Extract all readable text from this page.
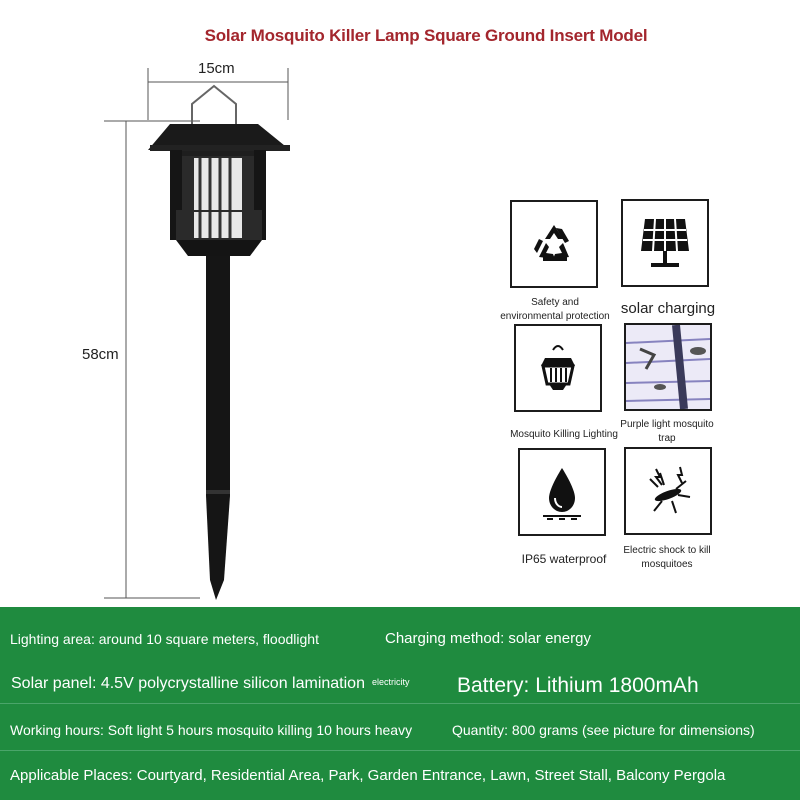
Solar Mosquito Killer Lamp Square Ground Insert Model
15cm
58cm
Safety and environmental protection solar charging
Mosquito Killing Lighting
Purple light mosquito trap
IP65 waterproof
Electric shock to kill mosquitoes
Lighting area: around 10 square meters, floodlight	Charging method: solar energy
Solar panel: 4.5V polycrystalline silicon lamination electricity Battery: Lithium 1800mAh
Working hours: Soft light 5 hours mosquito killing 10 hours heavy	Quantity: 800 grams (see picture for dimensions)
Applicable Places: Courtyard, Residential Area, Park, Garden Entrance, Lawn, Street Stall, Balcony Pergola
